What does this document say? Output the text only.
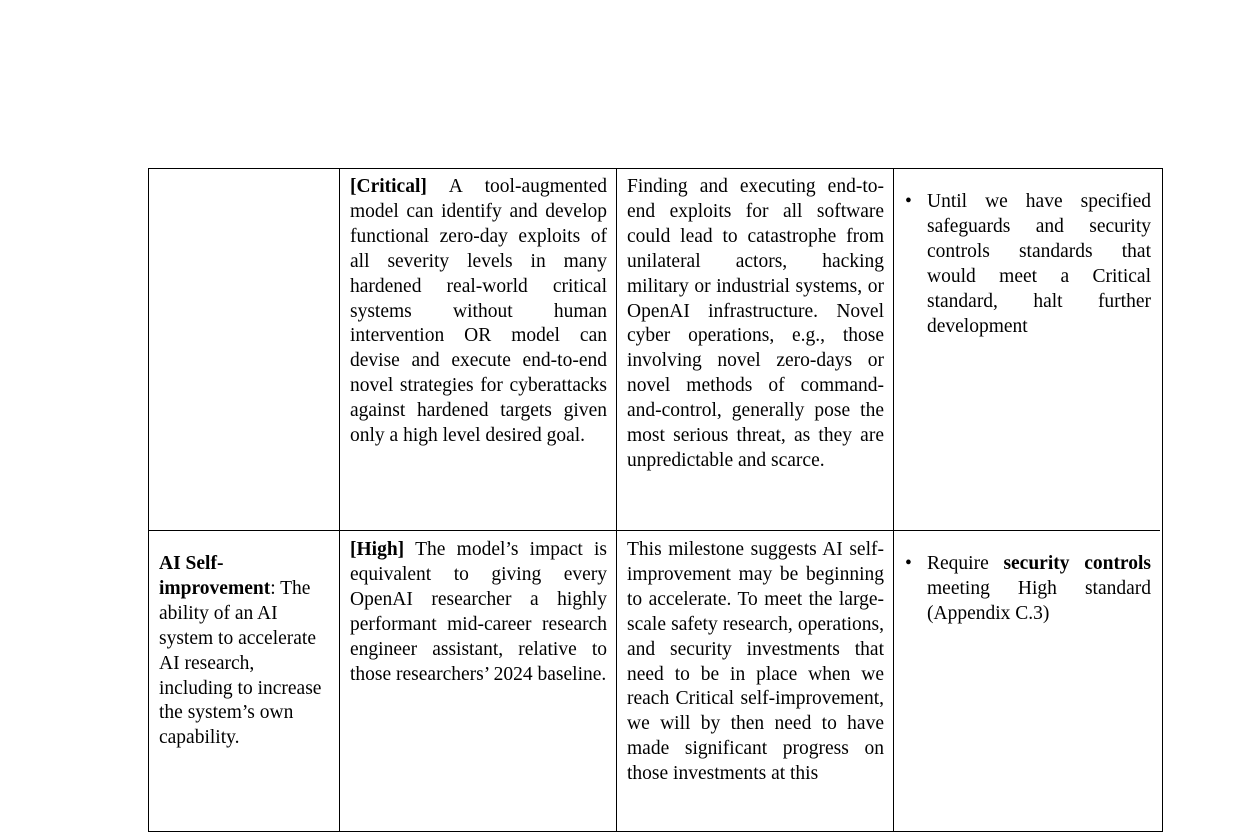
[Critical] A tool-augmented model can identify and develop functional zero-day exploits of all severity levels in many hardened real-world critical systems without human intervention OR model can devise and execute end-to-end novel strategies for cyberattacks against hardened targets given only a high level desired goal.
Finding and executing end-to-end exploits for all software could lead to catastrophe from unilateral actors, hacking military or industrial systems, or OpenAI infrastructure. Novel cyber operations, e.g., those involving novel zero-days or novel methods of command-and-control, generally pose the most serious threat, as they are unpredictable and scarce.
• Until we have specified safeguards and security controls standards that would meet a Critical standard, halt further development
AI Self-improvement: The ability of an AI system to accelerate AI research, including to increase the system’s own capability.
[High] The model’s impact is equivalent to giving every OpenAI researcher a highly performant mid-career research engineer assistant, relative to those researchers’ 2024 baseline.
This milestone suggests AI self-improvement may be beginning to accelerate. To meet the large-scale safety research, operations, and security investments that need to be in place when we reach Critical self-improvement, we will by then need to have made significant progress on those investments at this
• Require security controls meeting High standard (Appendix C.3)
